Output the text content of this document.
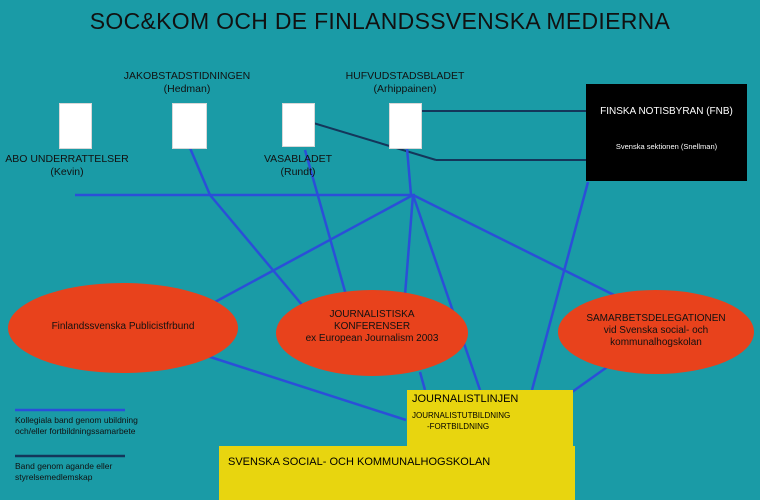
SOC&KOM OCH DE FINLANDSSVENSKA MEDIERNA
ABO UNDERRATTELSER
(Kevin)
JAKOBSTADSTIDNINGEN
(Hedman)
VASABLADET
(Rundt)
HUFVUDSTADSBLADET
(Arhippainen)
FINSKA NOTISBYRAN (FNB)
Svenska sektionen (Snellman)
Finlandssvenska Publicistfrbund
JOURNALISTISKA
KONFERENSER
ex European Journalism 2003
SAMARBETSDELEGATIONEN
vid Svenska social- och
kommunalhogskolan
JOURNALISTLINJEN
JOURNALISTUTBILDNING
-FORTBILDNING
SVENSKA SOCIAL- OCH KOMMUNALHOGSKOLAN
Kollegiala band genom ubildning
och/eller fortbildningssamarbete
Band genom agande eller
styrelsemedlemskap
